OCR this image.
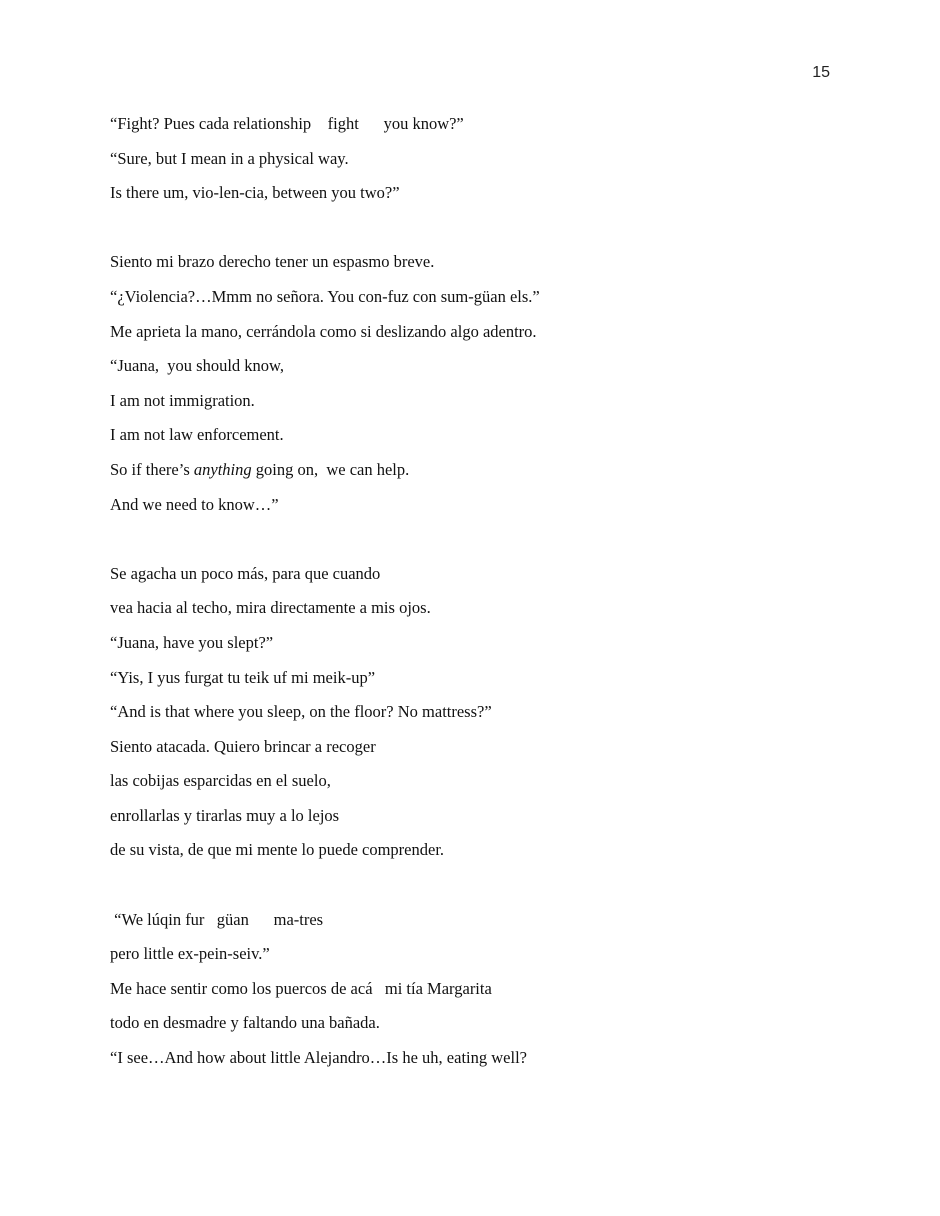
15
“Fight? Pues cada relationship    fight      you know?”
“Sure, but I mean in a physical way.
Is there um, vio-len-cia, between you two?”
Siento mi brazo derecho tener un espasmo breve.
“¿Violencia?…Mmm no señora. You con-fuz con sum-güan els.”
Me aprieta la mano, cerrándola como si deslizando algo adentro.
“Juana,  you should know,
I am not immigration.
I am not law enforcement.
So if there’s anything going on,  we can help.
And we need to know…”
Se agacha un poco más, para que cuando
vea hacia al techo, mira directamente a mis ojos.
“Juana, have you slept?”
“Yis, I yus furgat tu teik uf mi meik-up”
“And is that where you sleep, on the floor? No mattress?”
Siento atacada. Quiero brincar a recoger
las cobijas esparcidas en el suelo,
enrollarlas y tirarlas muy a lo lejos
de su vista, de que mi mente lo puede comprender.
“We lúqin fur   güan      ma-tres
pero little ex-pein-seiv.”
Me hace sentir como los puercos de acá   mi tía Margarita
todo en desmadre y faltando una bañada.
“I see…And how about little Alejandro…Is he uh, eating well?
